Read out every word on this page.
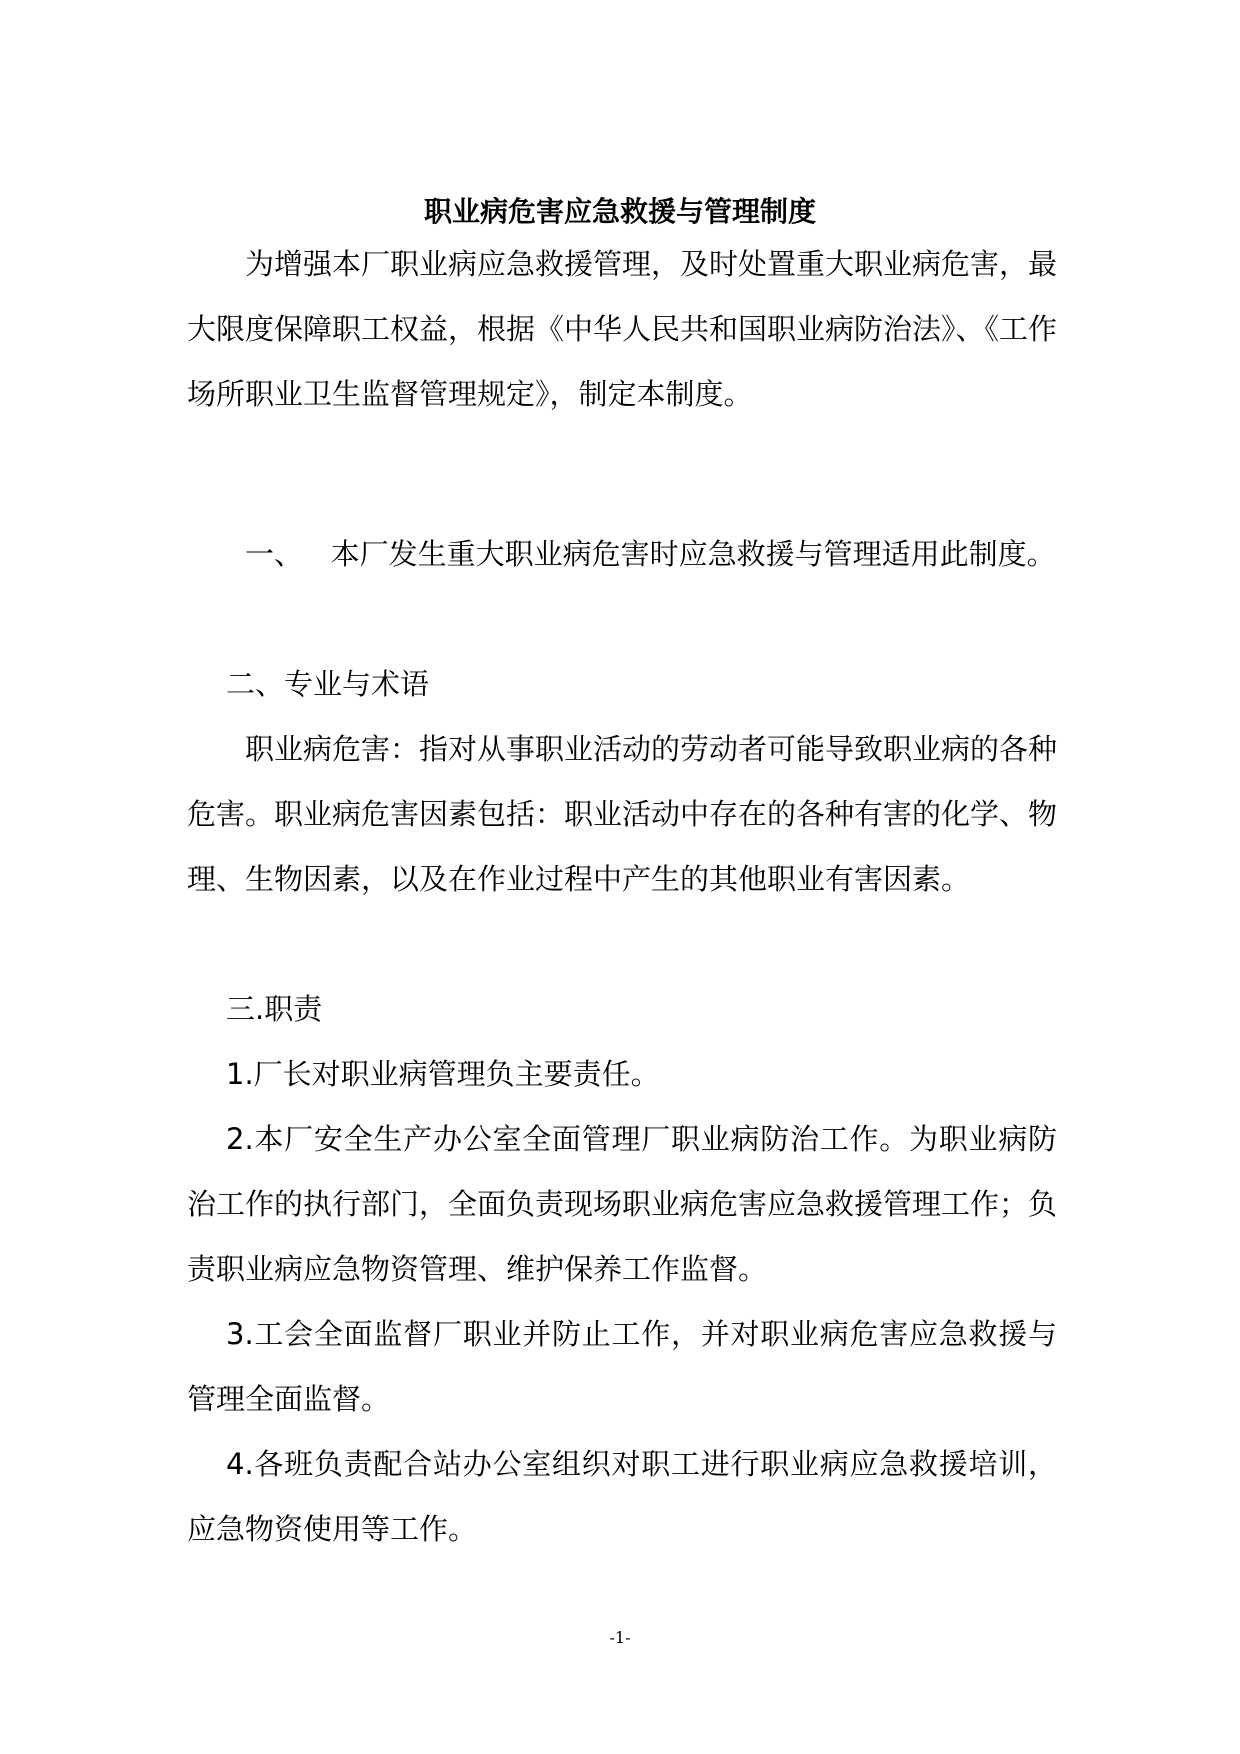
职业病危害应急救援与管理制度
为增强本厂职业病应急救援管理，及时处置重大职业病危害，最大限度保障职工权益，根据《中华人民共和国职业病防治法》、《工作场所职业卫生监督管理规定》，制定本制度。
一、   本厂发生重大职业病危害时应急救援与管理适用此制度。
二、专业与术语
职业病危害：指对从事职业活动的劳动者可能导致职业病的各种危害。职业病危害因素包括：职业活动中存在的各种有害的化学、物理、生物因素，以及在作业过程中产生的其他职业有害因素。
三.职责
1.厂长对职业病管理负主要责任。
2.本厂安全生产办公室全面管理厂职业病防治工作。为职业病防治工作的执行部门，全面负责现场职业病危害应急救援管理工作；负责职业病应急物资管理、维护保养工作监督。
3.工会全面监督厂职业并防止工作，并对职业病危害应急救援与管理全面监督。
4.各班负责配合站办公室组织对职工进行职业病应急救援培训，应急物资使用等工作。
-1-
